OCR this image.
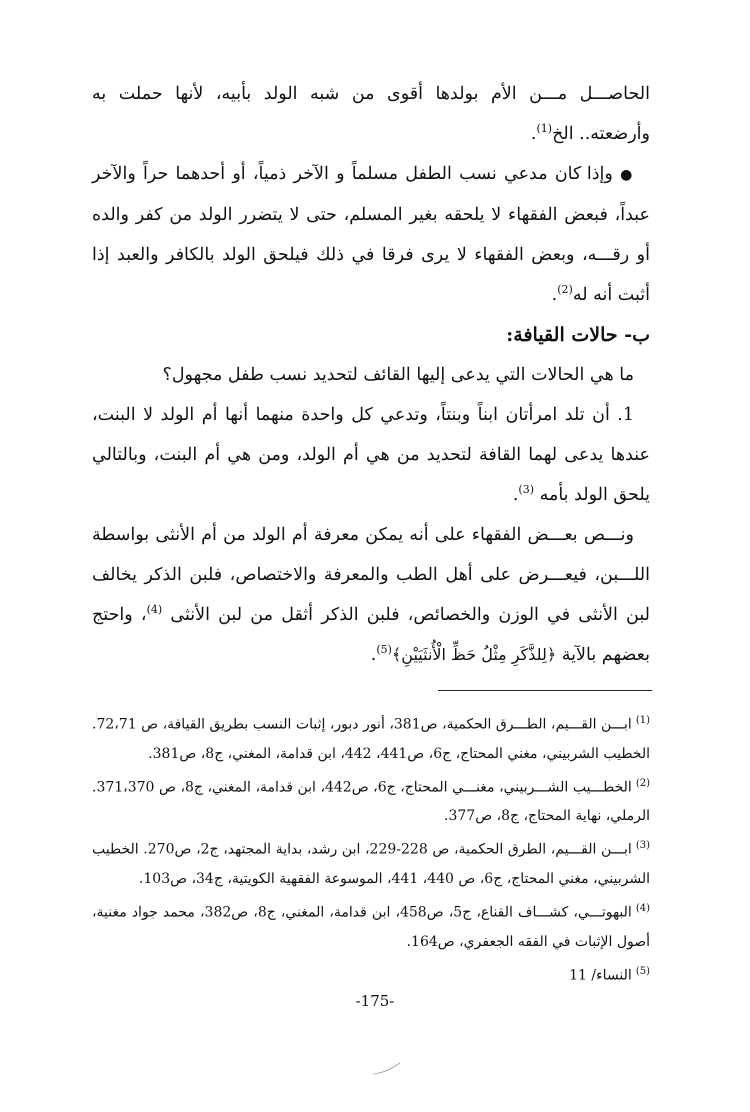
الحاصـــل مـــن الأم بولدها أقوى من شبه الولد بأبيه، لأنها حملت به وأرضعته.. الخ$^{(1)}$.

● وإذا كان مدعي نسب الطفل مسلماً و الآخر ذمياً، أو أحدهما حراً والآخر عبداً، فبعض الفقهاء لا يلحقه بغير المسلم، حتى لا يتضرر الولد من كفر والده أو رقـــه، وبعض الفقهاء لا يرى فرقا في ذلك فيلحق الولد بالكافر والعبد إذا أثبت أنه له$^{(2)}$.

ب- حالات القيافة:

ما هي الحالات التي يدعى إليها القائف لتحديد نسب طفل مجهول؟

1. أن تلد امرأتان ابناً وبنتاً، وتدعي كل واحدة منهما أنها أم الولد لا البنت، عندها يدعى لهما القافة لتحديد من هي أم الولد، ومن هي أم البنت، وبالتالي يلحق الولد بأمه $^{(3)}$.

ونـــص بعـــض الفقهاء على أنه يمكن معرفة أم الولد من أم الأنثى بواسطة اللـــبن، فيعـــرض على أهل الطب والمعرفة والاختصاص، فلبن الذكر يخالف لبن الأنثى في الوزن والخصائص، فلبن الذكر أثقل من لبن الأنثى $^{(4)}$، واحتج بعضهم بالآية ﴿لِلذَّكَرِ مِثْلُ حَظِّ الْأُنثَيَيْنِ﴾$^{(5)}$.

$^{(1)}$ابـــن القـــيم، الطـــرق الحكمية، ص381، أنور دبور، إثبات النسب بطريق القيافة، ص 72،71. الخطيب الشربيني، مغني المحتاج، ج6، ص441، 442، ابن قدامة، المغني، ج8، ص381.

$^{(2)}$الخطـــيب الشـــربيني، مغنـــي المحتاج، ج6، ص442، ابن قدامة، المغني، ج8، ص 371،370. الرملي، نهاية المحتاج، ج8، ص377.

$^{(3)}$ابـــن القـــيم، الطرق الحكمية، ص 228-229، ابن رشد، بداية المجتهد، ج2، ص270. الخطيب الشربيني، مغني المحتاج، ج6، ص 440، 441، الموسوعة الفقهية الكويتية، ج34، ص103.

$^{(4)}$البهوتـــي، كشـــاف القناع، ج5، ص458، ابن قدامة، المغني، ج8، ص382، محمد جواد مغنية، أصول الإثبات في الفقه الجعفري، ص164.

$^{(5)}$النساء/ 11

-175-
